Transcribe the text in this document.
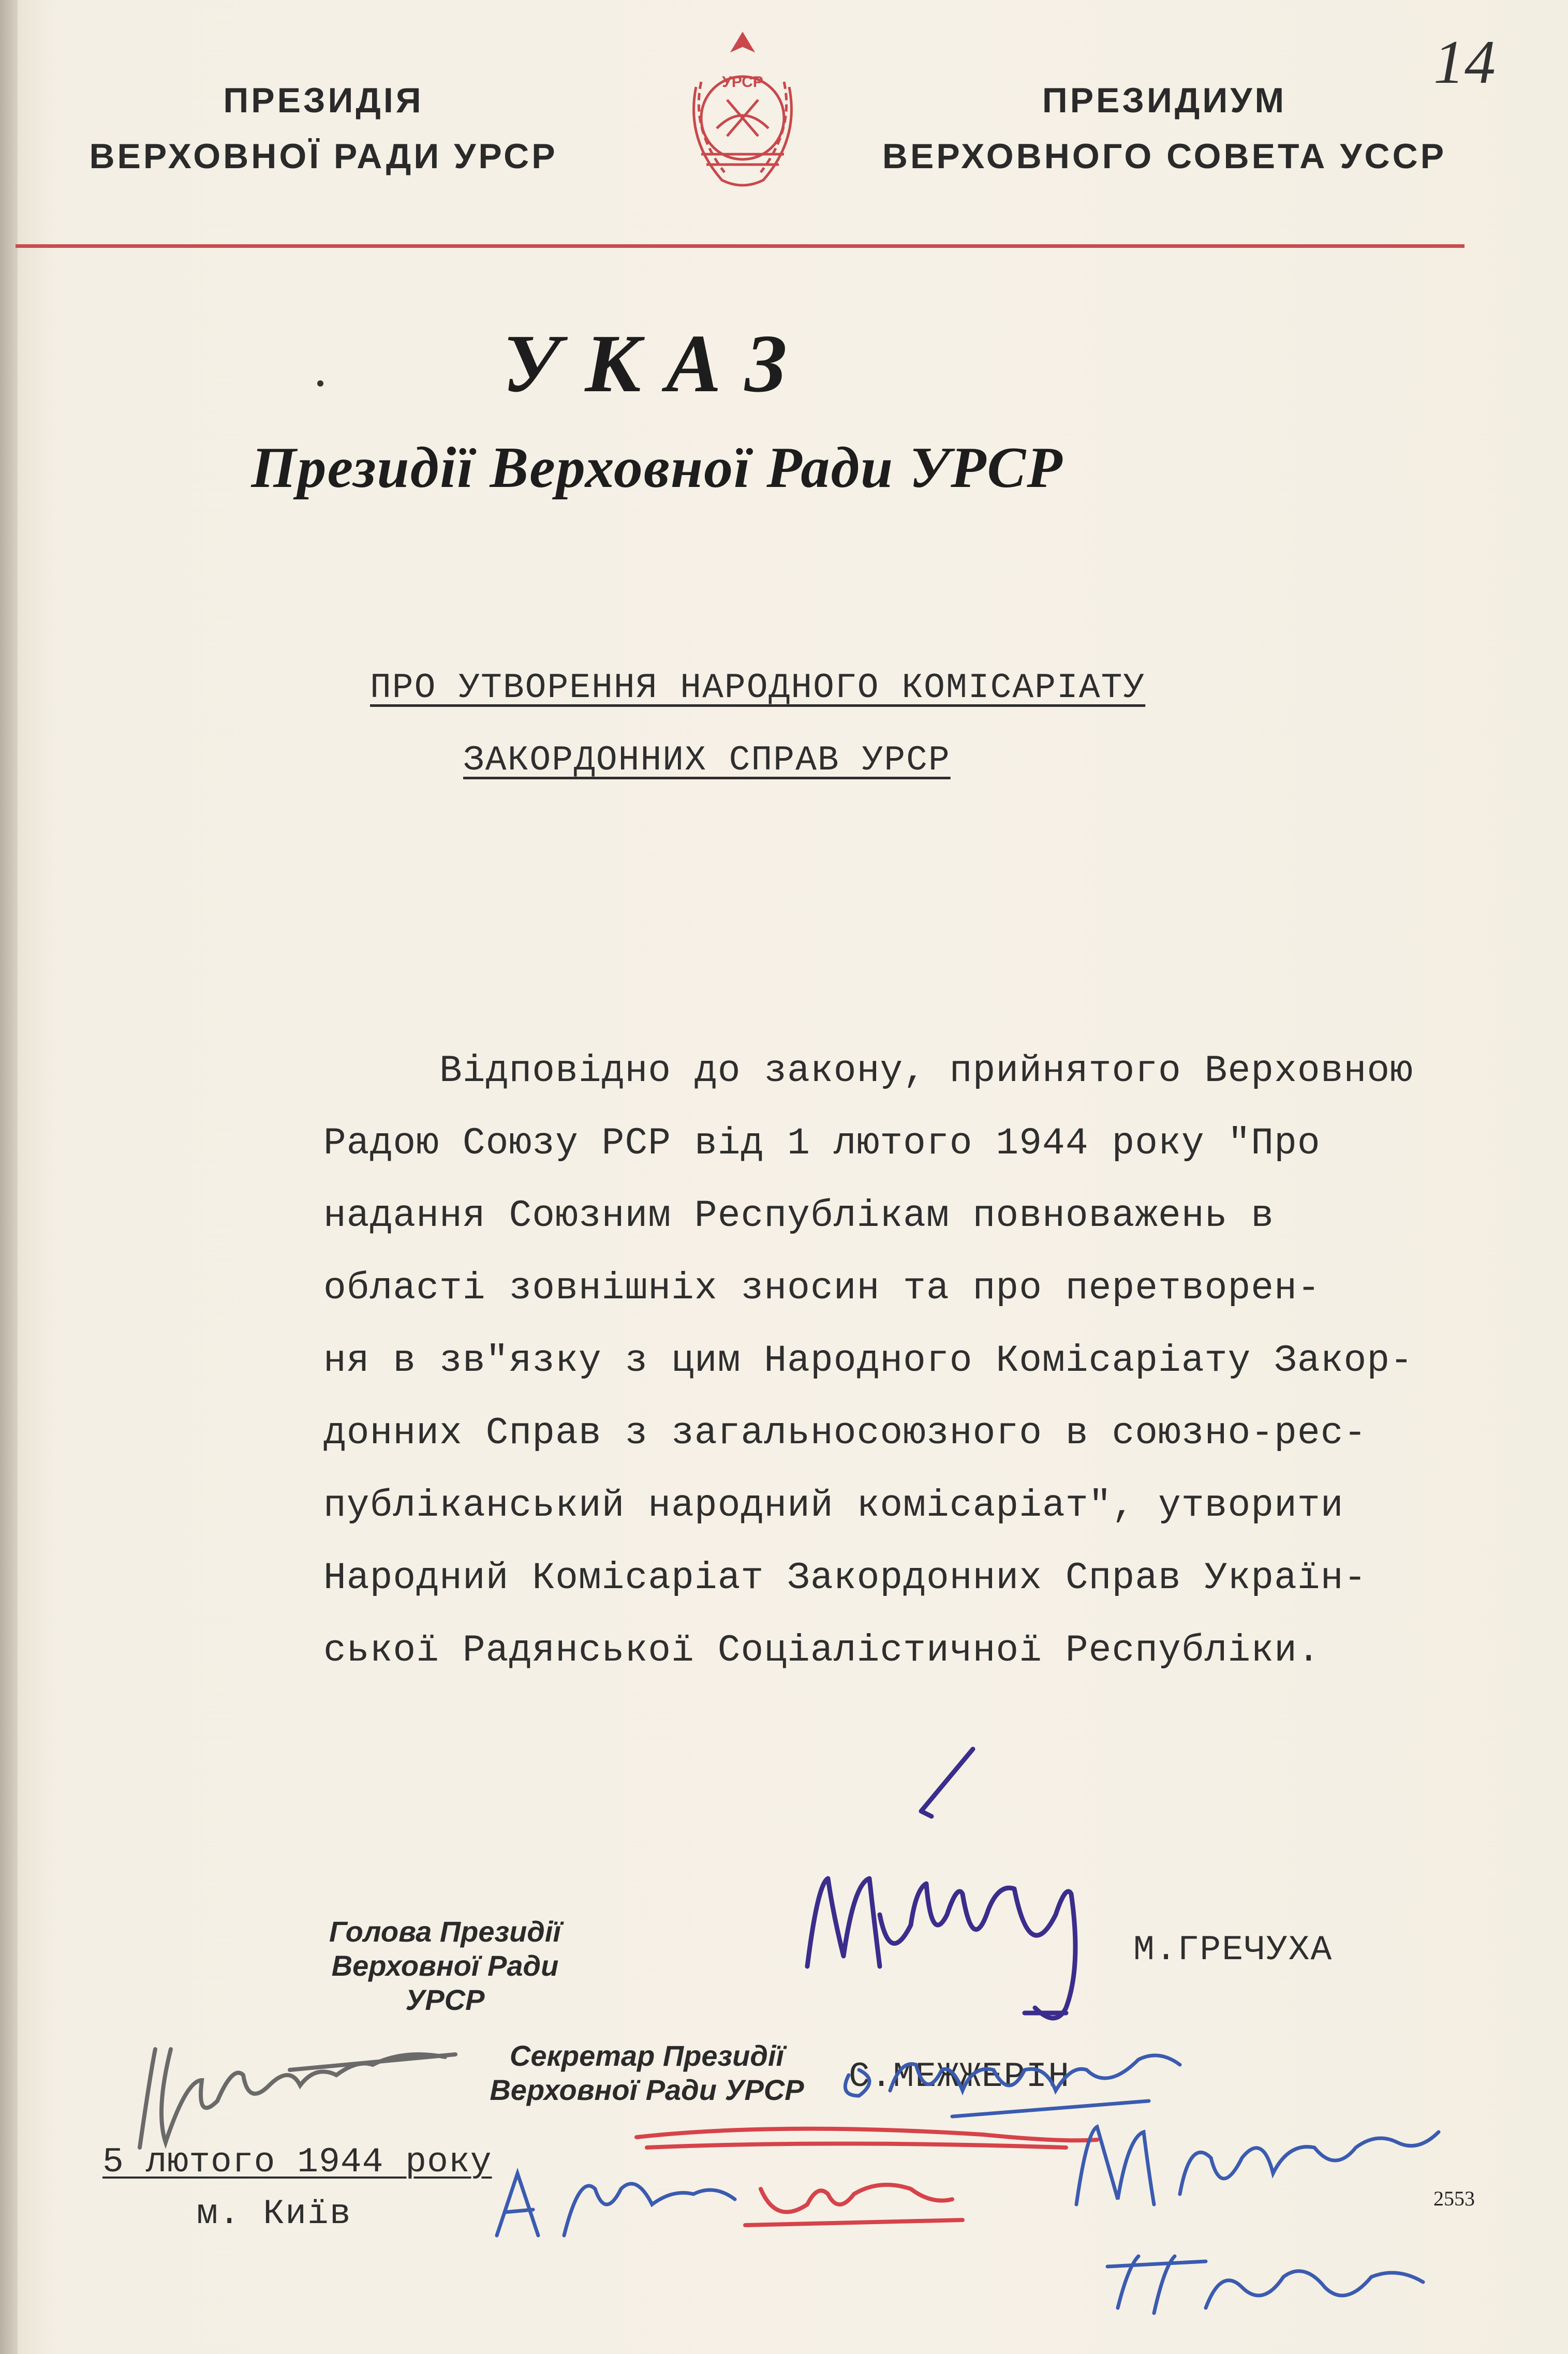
ПРЕЗИДІЯ
ВЕРХОВНОЇ РАДИ УРСР
УРСР	ПРЕЗИДИУМ
ВЕРХОВНОГО СОВЕТА УССР
14
УКАЗ
Президії Верховної Ради УРСР
ПРО УТВОРЕННЯ НАРОДНОГО КОМІСАРІАТУ
ЗАКОРДОННИХ СПРАВ УРСР
Відповідно до закону, прийнятого Верховною
Радою Союзу РСР від 1 лютого 1944 року "Про
надання Союзним Республікам повноважень в
області зовнішніх зносин та про перетворен-
ня в зв"язку з цим Народного Комісаріату Закор-
донних Справ з загальносоюзного в союзно-рес-
публіканський народний комісаріат", утворити
Народний Комісаріат Закордонних Справ Україн-
ської Радянської Соціалістичної Республіки.
Голова Президії
Верховної Ради УРСР
М.ГРЕЧУХА
Секретар Президії
Верховної Ради УРСР	С.МЕЖЖЕРІН
5 лютого 1944 року
м. Київ	2553
